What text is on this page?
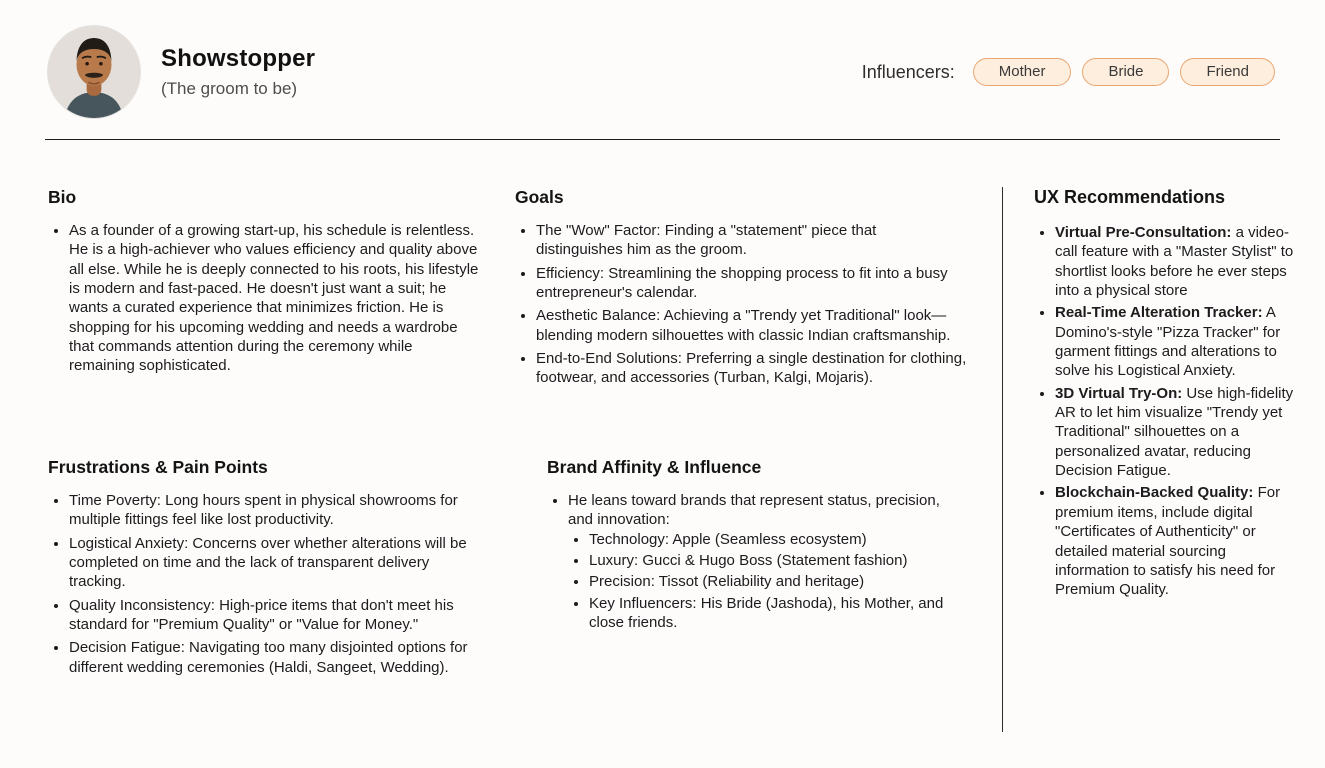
Showstopper
(The groom to be)
Influencers:	Mother	Bride	Friend
Bio
• As a founder of a growing start-up, his schedule is relentless. He is a high-achiever who values efficiency and quality above all else. While he is deeply connected to his roots, his lifestyle is modern and fast-paced. He doesn't just want a suit; he wants a curated experience that minimizes friction. He is shopping for his upcoming wedding and needs a wardrobe that commands attention during the ceremony while remaining sophisticated.
Frustrations & Pain Points
• Time Poverty: Long hours spent in physical showrooms for multiple fittings feel like lost productivity.
• Logistical Anxiety: Concerns over whether alterations will be completed on time and the lack of transparent delivery tracking.
• Quality Inconsistency: High-price items that don't meet his standard for "Premium Quality" or "Value for Money."
• Decision Fatigue: Navigating too many disjointed options for different wedding ceremonies (Haldi, Sangeet, Wedding).
Goals
• The "Wow" Factor: Finding a "statement" piece that distinguishes him as the groom.
• Efficiency: Streamlining the shopping process to fit into a busy entrepreneur's calendar.
• Aesthetic Balance: Achieving a "Trendy yet Traditional" look—blending modern silhouettes with classic Indian craftsmanship.
• End-to-End Solutions: Preferring a single destination for clothing, footwear, and accessories (Turban, Kalgi, Mojaris).
Brand Affinity & Influence
• He leans toward brands that represent status, precision, and innovation:
• Technology: Apple (Seamless ecosystem)
• Luxury: Gucci & Hugo Boss (Statement fashion)
• Precision: Tissot (Reliability and heritage)
• Key Influencers: His Bride (Jashoda), his Mother, and close friends.
UX Recommendations
• Virtual Pre-Consultation: a video-call feature with a "Master Stylist" to shortlist looks before he ever steps into a physical store
• Real-Time Alteration Tracker: A Domino's-style "Pizza Tracker" for garment fittings and alterations to solve his Logistical Anxiety.
• 3D Virtual Try-On: Use high-fidelity AR to let him visualize "Trendy yet Traditional" silhouettes on a personalized avatar, reducing Decision Fatigue.
• Blockchain-Backed Quality: For premium items, include digital "Certificates of Authenticity" or detailed material sourcing information to satisfy his need for Premium Quality.
